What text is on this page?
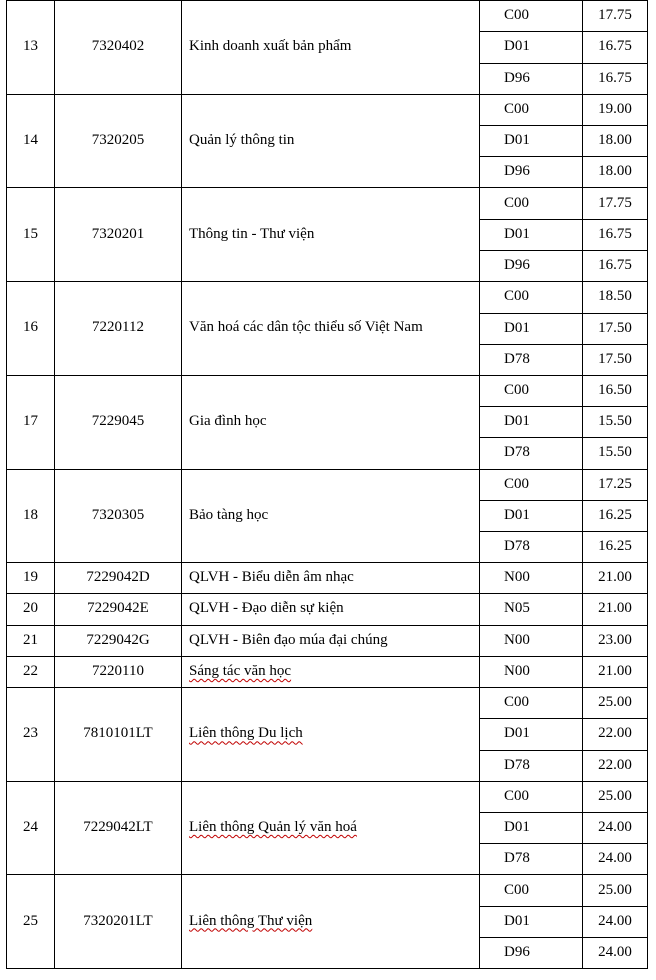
13	7320402	Kinh doanh xuất bản phẩm
C00	17.75
D01	16.75
D96	16.75
14	7320205	Quản lý thông tin
C00	19.00
D01	18.00
D96	18.00
15	7320201	Thông tin - Thư viện
C00	17.75
D01	16.75
D96	16.75
16	7220112	Văn hoá các dân tộc thiểu số Việt Nam
C00	18.50
D01	17.50
D78	17.50
17	7229045	Gia đình học
C00	16.50
D01	15.50
D78	15.50
18	7320305	Bảo tàng học
C00	17.25
D01	16.25
D78	16.25
19	7229042D	QLVH - Biểu diễn âm nhạc	N00	21.00
20	7229042E	QLVH - Đạo diễn sự kiện	N05	21.00
21	7229042G	QLVH - Biên đạo múa đại chúng	N00	23.00
22	7220110	Sáng tác văn học	N00	21.00
23	7810101LT	Liên thông Du lịch
C00	25.00
D01	22.00
D78	22.00
24	7229042LT	Liên thông Quản lý văn hoá
C00	25.00
D01	24.00
D78	24.00
25	7320201LT	Liên thông Thư viện
C00	25.00
D01	24.00
D96	24.00
